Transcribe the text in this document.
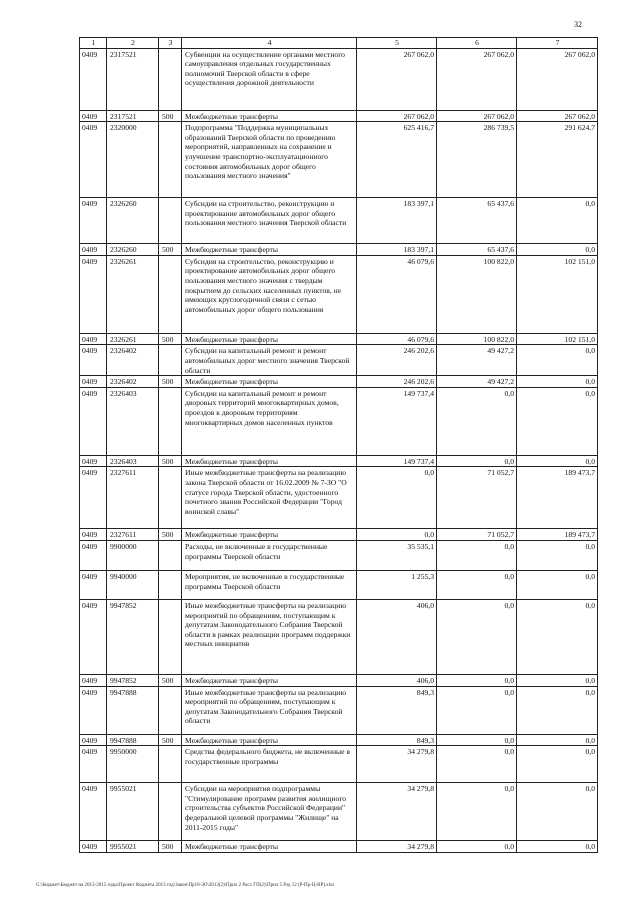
32
1	2	3	4	5	6	7
0409	2317521		Субвенции на осуществление органами местного самоуправления отдельных государственных полномочий Тверской области в сфере осуществления дорожной деятельности	267 062,0	267 062,0	267 062,0
0409	2317521	500	Межбюджетные трансферты	267 062,0	267 062,0	267 062,0
0409	2320000		Подпрограмма "Поддержка муниципальных образований Тверской области по проведению мероприятий, направленных на сохранение и улучшение транспортно-эксплуатационного состояния автомобильных дорог общего пользования местного значения"	625 416,7	286 739,5	291 624,7
0409	2326260		Субсидии на строительство, реконструкцию и проектирование автомобильных дорог общего пользования местного значения Тверской области	183 397,1	65 437,6	0,0
0409	2326260	500	Межбюджетные трансферты	183 397,1	65 437,6	0,0
0409	2326261		Субсидия на строительство, реконструкцию и проектирование автомобильных дорог общего пользования местного значения с твердым покрытием до сельских населенных пунктов, не имеющих круглогодичной связи с сетью автомобильных дорог общего пользования	46 079,6	100 822,0	102 151,0
0409	2326261	500	Межбюджетные трансферты	46 079,6	100 822,0	102 151,0
0409	2326402		Субсидии на капитальный ремонт и ремонт автомобильных дорог местного значения Тверской области	246 202,6	49 427,2	0,0
0409	2326402	500	Межбюджетные трансферты	246 202,6	49 427,2	0,0
0409	2326403		Субсидии на капитальный ремонт и ремонт дворовых территорий многоквартирных домов, проездов к дворовым территориям многоквартирных домов населенных пунктов	149 737,4	0,0	0,0
0409	2326403	500	Межбюджетные трансферты	149 737,4	0,0	0,0
0409	2327611		Иные межбюджетные трансферты на реализацию закона Тверской области от 16.02.2009 № 7-ЗО "О статусе города Тверской области, удостоенного почетного звания Российской Федерации "Город воинской славы"	0,0	71 052,7	189 473,7
0409	2327611	500	Межбюджетные трансферты	0,0	71 052,7	189 473,7
0409	9900000		Расходы, не включенные в государственные программы Тверской области	35 535,1	0,0	0,0
0409	9940000		Мероприятия, не включенные в государственные программы Тверской области	1 255,3	0,0	0,0
0409	9947852		Иные межбюджетные трансферты на реализацию мероприятий по обращениям, поступающим к депутатам Законодательного Собрания Тверской области в рамках реализации программ поддержки местных инициатив	406,0	0,0	0,0
0409	9947852	500	Межбюджетные трансферты	406,0	0,0	0,0
0409	9947888		Иные межбюджетные трансферты на реализацию мероприятий по обращениям, поступающим к депутатам Законодательного Собрания Тверской области	849,3	0,0	0,0
0409	9947888	500	Межбюджетные трансферты	849,3	0,0	0,0
0409	9950000		Средства федерального бюджета, не включенные в государственные программы	34 279,8	0,0	0,0
0409	9955021		Субсидии на мероприятия подпрограммы "Стимулирование программ развития жилищного строительства субъектов Российской Федерации" федеральной целевой программы "Жилище" на 2011-2015 годы"	34 279,8	0,0	0,0
0409	9955021	500	Межбюджетные трансферты	34 279,8	0,0	0,0
G:\Бюджет\Бюджет на 2013-2015 годы\Проект бюджета 2013 год\Закон\Пр10-ЗО\2013(2)\Прил 2 Расх ГП(2)\Прил 5 Рзд 12 (Р-Пр-Ц-ВР).xlsx
